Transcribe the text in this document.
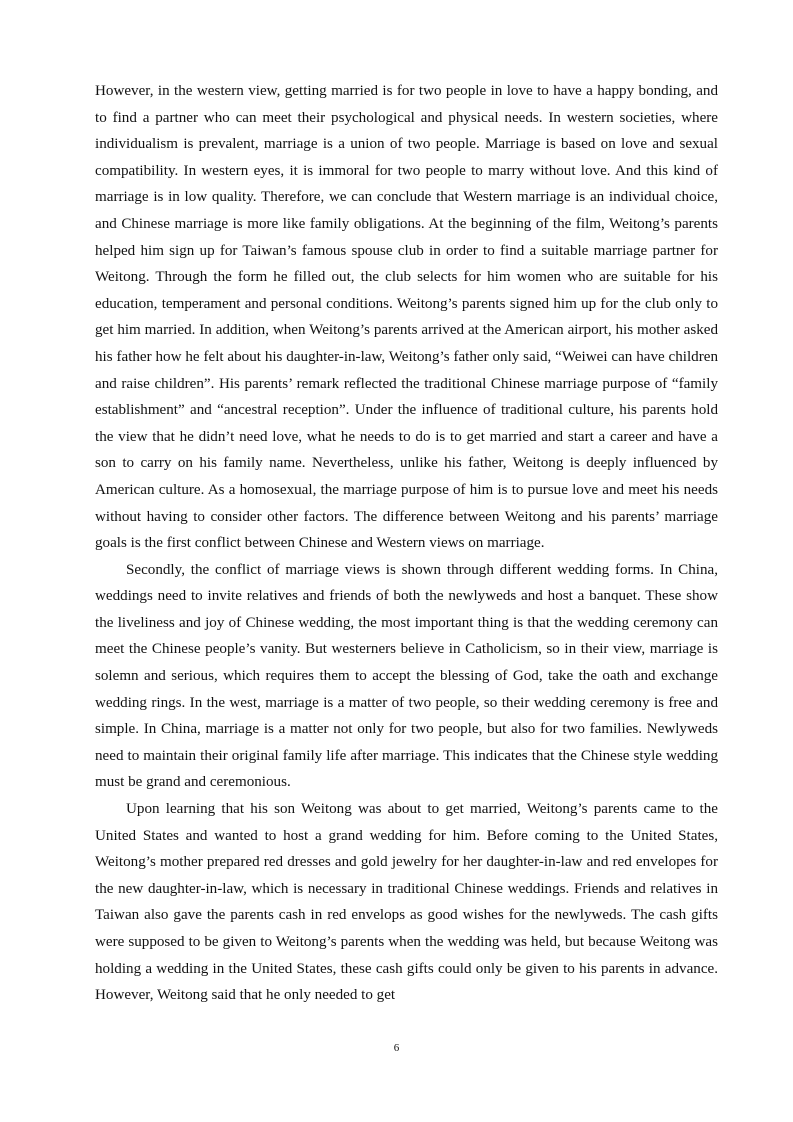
However, in the western view, getting married is for two people in love to have a happy bonding, and to find a partner who can meet their psychological and physical needs. In western societies, where individualism is prevalent, marriage is a union of two people. Marriage is based on love and sexual compatibility. In western eyes, it is immoral for two people to marry without love. And this kind of marriage is in low quality. Therefore, we can conclude that Western marriage is an individual choice, and Chinese marriage is more like family obligations. At the beginning of the film, Weitong’s parents helped him sign up for Taiwan’s famous spouse club in order to find a suitable marriage partner for Weitong. Through the form he filled out, the club selects for him women who are suitable for his education, temperament and personal conditions. Weitong’s parents signed him up for the club only to get him married. In addition, when Weitong’s parents arrived at the American airport, his mother asked his father how he felt about his daughter-in-law, Weitong’s father only said, “Weiwei can have children and raise children”. His parents’ remark reflected the traditional Chinese marriage purpose of “family establishment” and “ancestral reception”. Under the influence of traditional culture, his parents hold the view that he didn’t need love, what he needs to do is to get married and start a career and have a son to carry on his family name. Nevertheless, unlike his father, Weitong is deeply influenced by American culture. As a homosexual, the marriage purpose of him is to pursue love and meet his needs without having to consider other factors. The difference between Weitong and his parents’ marriage goals is the first conflict between Chinese and Western views on marriage.

Secondly, the conflict of marriage views is shown through different wedding forms. In China, weddings need to invite relatives and friends of both the newlyweds and host a banquet. These show the liveliness and joy of Chinese wedding, the most important thing is that the wedding ceremony can meet the Chinese people’s vanity. But westerners believe in Catholicism, so in their view, marriage is solemn and serious, which requires them to accept the blessing of God, take the oath and exchange wedding rings. In the west, marriage is a matter of two people, so their wedding ceremony is free and simple. In China, marriage is a matter not only for two people, but also for two families. Newlyweds need to maintain their original family life after marriage. This indicates that the Chinese style wedding must be grand and ceremonious.

Upon learning that his son Weitong was about to get married, Weitong’s parents came to the United States and wanted to host a grand wedding for him. Before coming to the United States, Weitong’s mother prepared red dresses and gold jewelry for her daughter-in-law and red envelopes for the new daughter-in-law, which is necessary in traditional Chinese weddings. Friends and relatives in Taiwan also gave the parents cash in red envelops as good wishes for the newlyweds. The cash gifts were supposed to be given to Weitong’s parents when the wedding was held, but because Weitong was holding a wedding in the United States, these cash gifts could only be given to his parents in advance. However, Weitong said that he only needed to get

6
